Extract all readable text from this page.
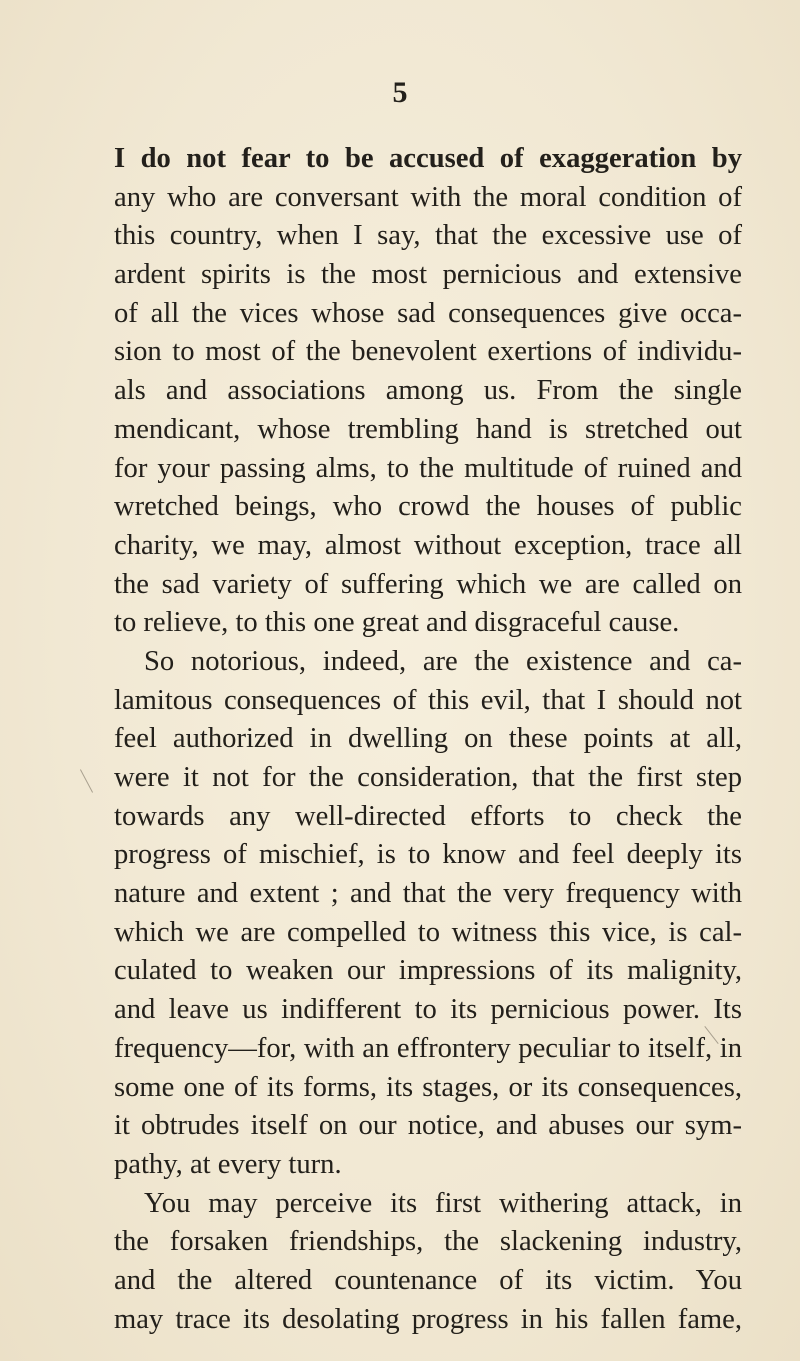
5
I do not fear to be accused of exaggeration by
any who are conversant with the moral condition of
this country, when I say, that the excessive use of
ardent spirits is the most pernicious and extensive
of all the vices whose sad consequences give occa-
sion to most of the benevolent exertions of individu-
als and associations among us. From the single
mendicant, whose trembling hand is stretched out
for your passing alms, to the multitude of ruined and
wretched beings, who crowd the houses of public
charity, we may, almost without exception, trace all
the sad variety of suffering which we are called on
to relieve, to this one great and disgraceful cause.
So notorious, indeed, are the existence and ca-
lamitous consequences of this evil, that I should not
feel authorized in dwelling on these points at all,
were it not for the consideration, that the first step
towards any well-directed efforts to check the
progress of mischief, is to know and feel deeply its
nature and extent ; and that the very frequency with
which we are compelled to witness this vice, is cal-
culated to weaken our impressions of its malignity,
and leave us indifferent to its pernicious power. Its
frequency—for, with an effrontery peculiar to itself, in
some one of its forms, its stages, or its consequences,
it obtrudes itself on our notice, and abuses our sym-
pathy, at every turn.
You may perceive its first withering attack, in
the forsaken friendships, the slackening industry,
and the altered countenance of its victim. You
may trace its desolating progress in his fallen fame,
